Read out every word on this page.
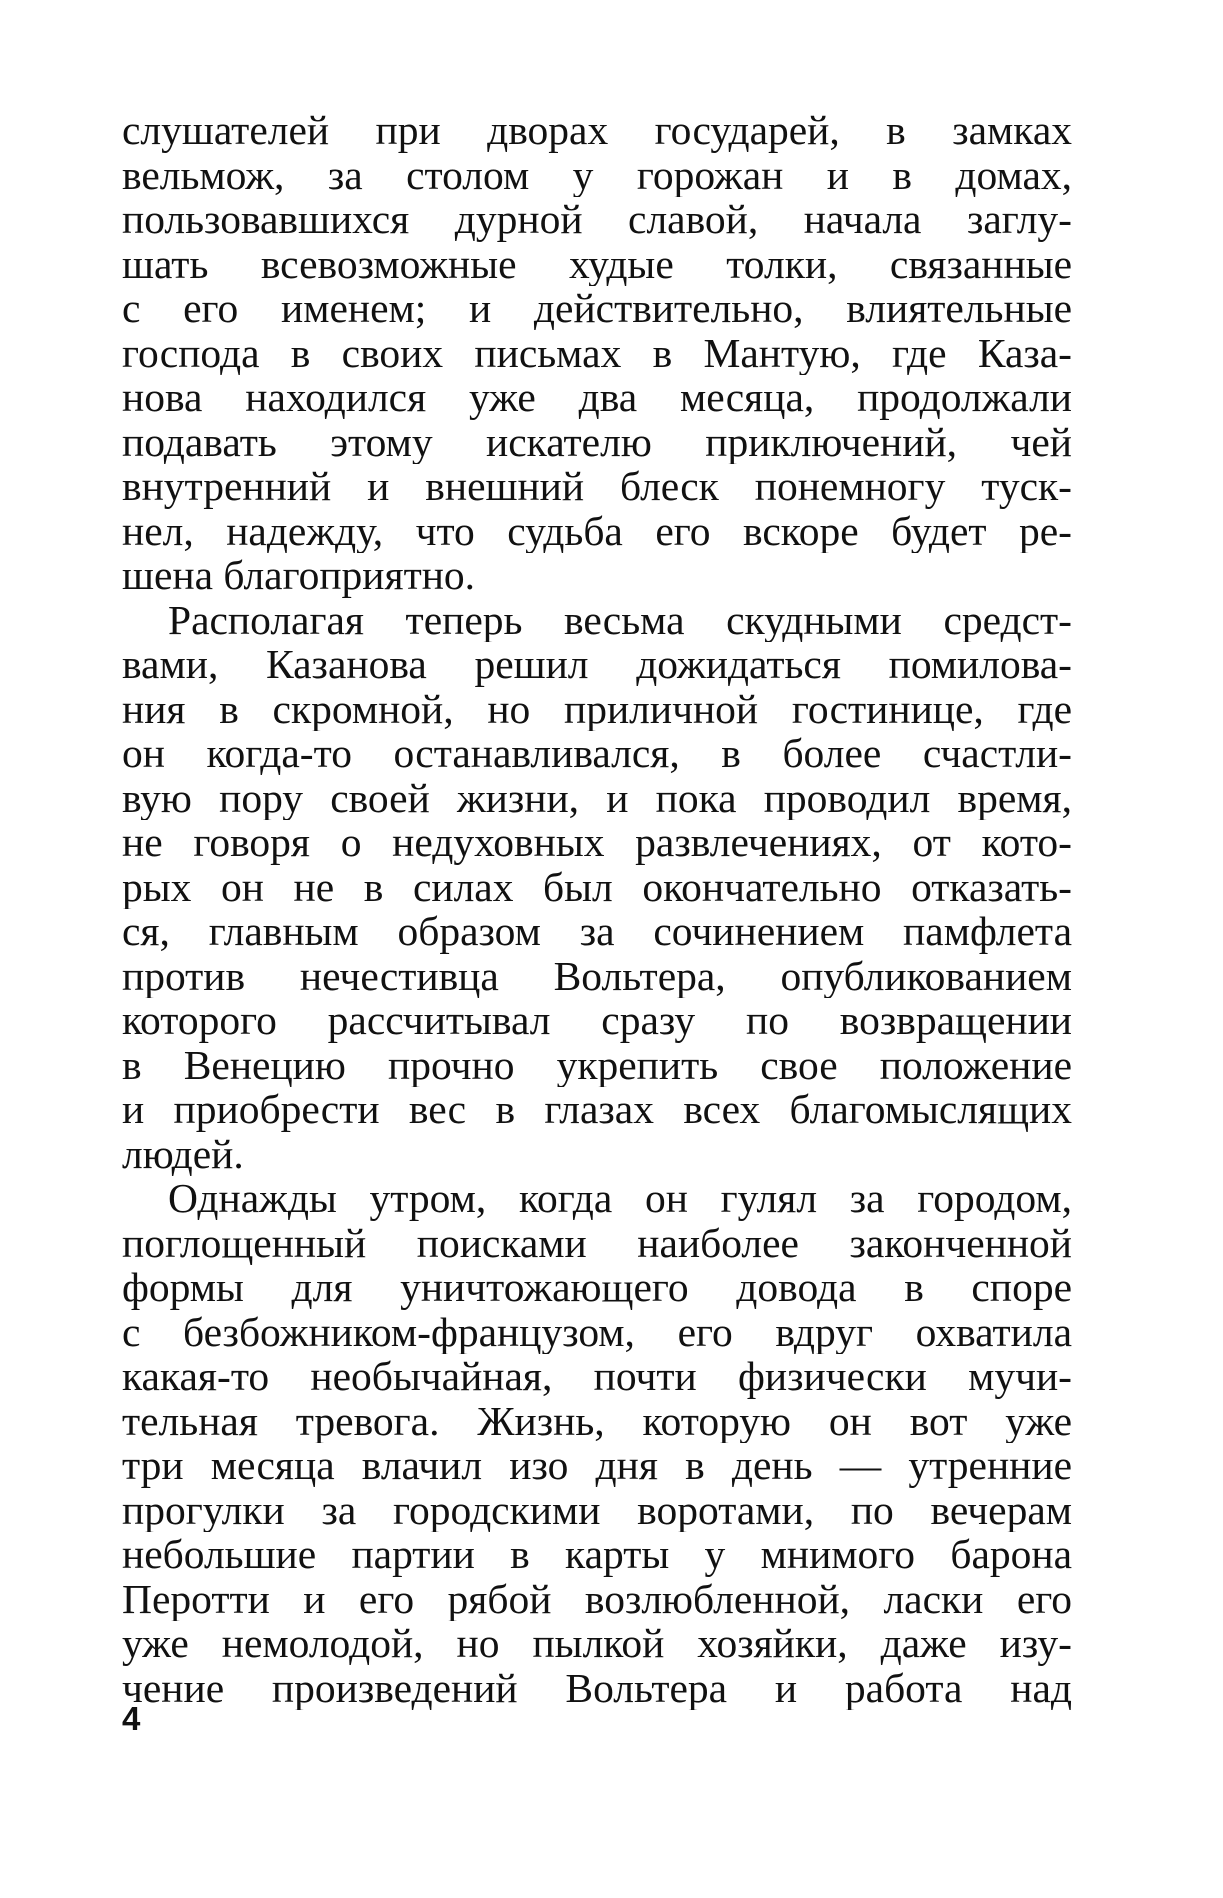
слушателей при дворах государей, в замках
вельмож, за столом у горожан и в домах,
пользовавшихся дурной славой, начала заглу-
шать всевозможные худые толки, связанные
с его именем; и действительно, влиятельные
господа в своих письмах в Мантую, где Каза-
нова находился уже два месяца, продолжали
подавать этому искателю приключений, чей
внутренний и внешний блеск понемногу туск-
нел, надежду, что судьба его вскоре будет ре-
шена благоприятно.
Располагая теперь весьма скудными средст-
вами, Казанова решил дожидаться помилова-
ния в скромной, но приличной гостинице, где
он когда-то останавливался, в более счастли-
вую пору своей жизни, и пока проводил время,
не говоря о недуховных развлечениях, от кото-
рых он не в силах был окончательно отказать-
ся, главным образом за сочинением памфлета
против нечестивца Вольтера, опубликованием
которого рассчитывал сразу по возвращении
в Венецию прочно укрепить свое положение
и приобрести вес в глазах всех благомыслящих
людей.
Однажды утром, когда он гулял за городом,
поглощенный поисками наиболее законченной
формы для уничтожающего довода в споре
с безбожником-французом, его вдруг охватила
какая-то необычайная, почти физически мучи-
тельная тревога. Жизнь, которую он вот уже
три месяца влачил изо дня в день — утренние
прогулки за городскими воротами, по вечерам
небольшие партии в карты у мнимого барона
Перотти и его рябой возлюбленной, ласки его
уже немолодой, но пылкой хозяйки, даже изу-
чение произведений Вольтера и работа над
4
